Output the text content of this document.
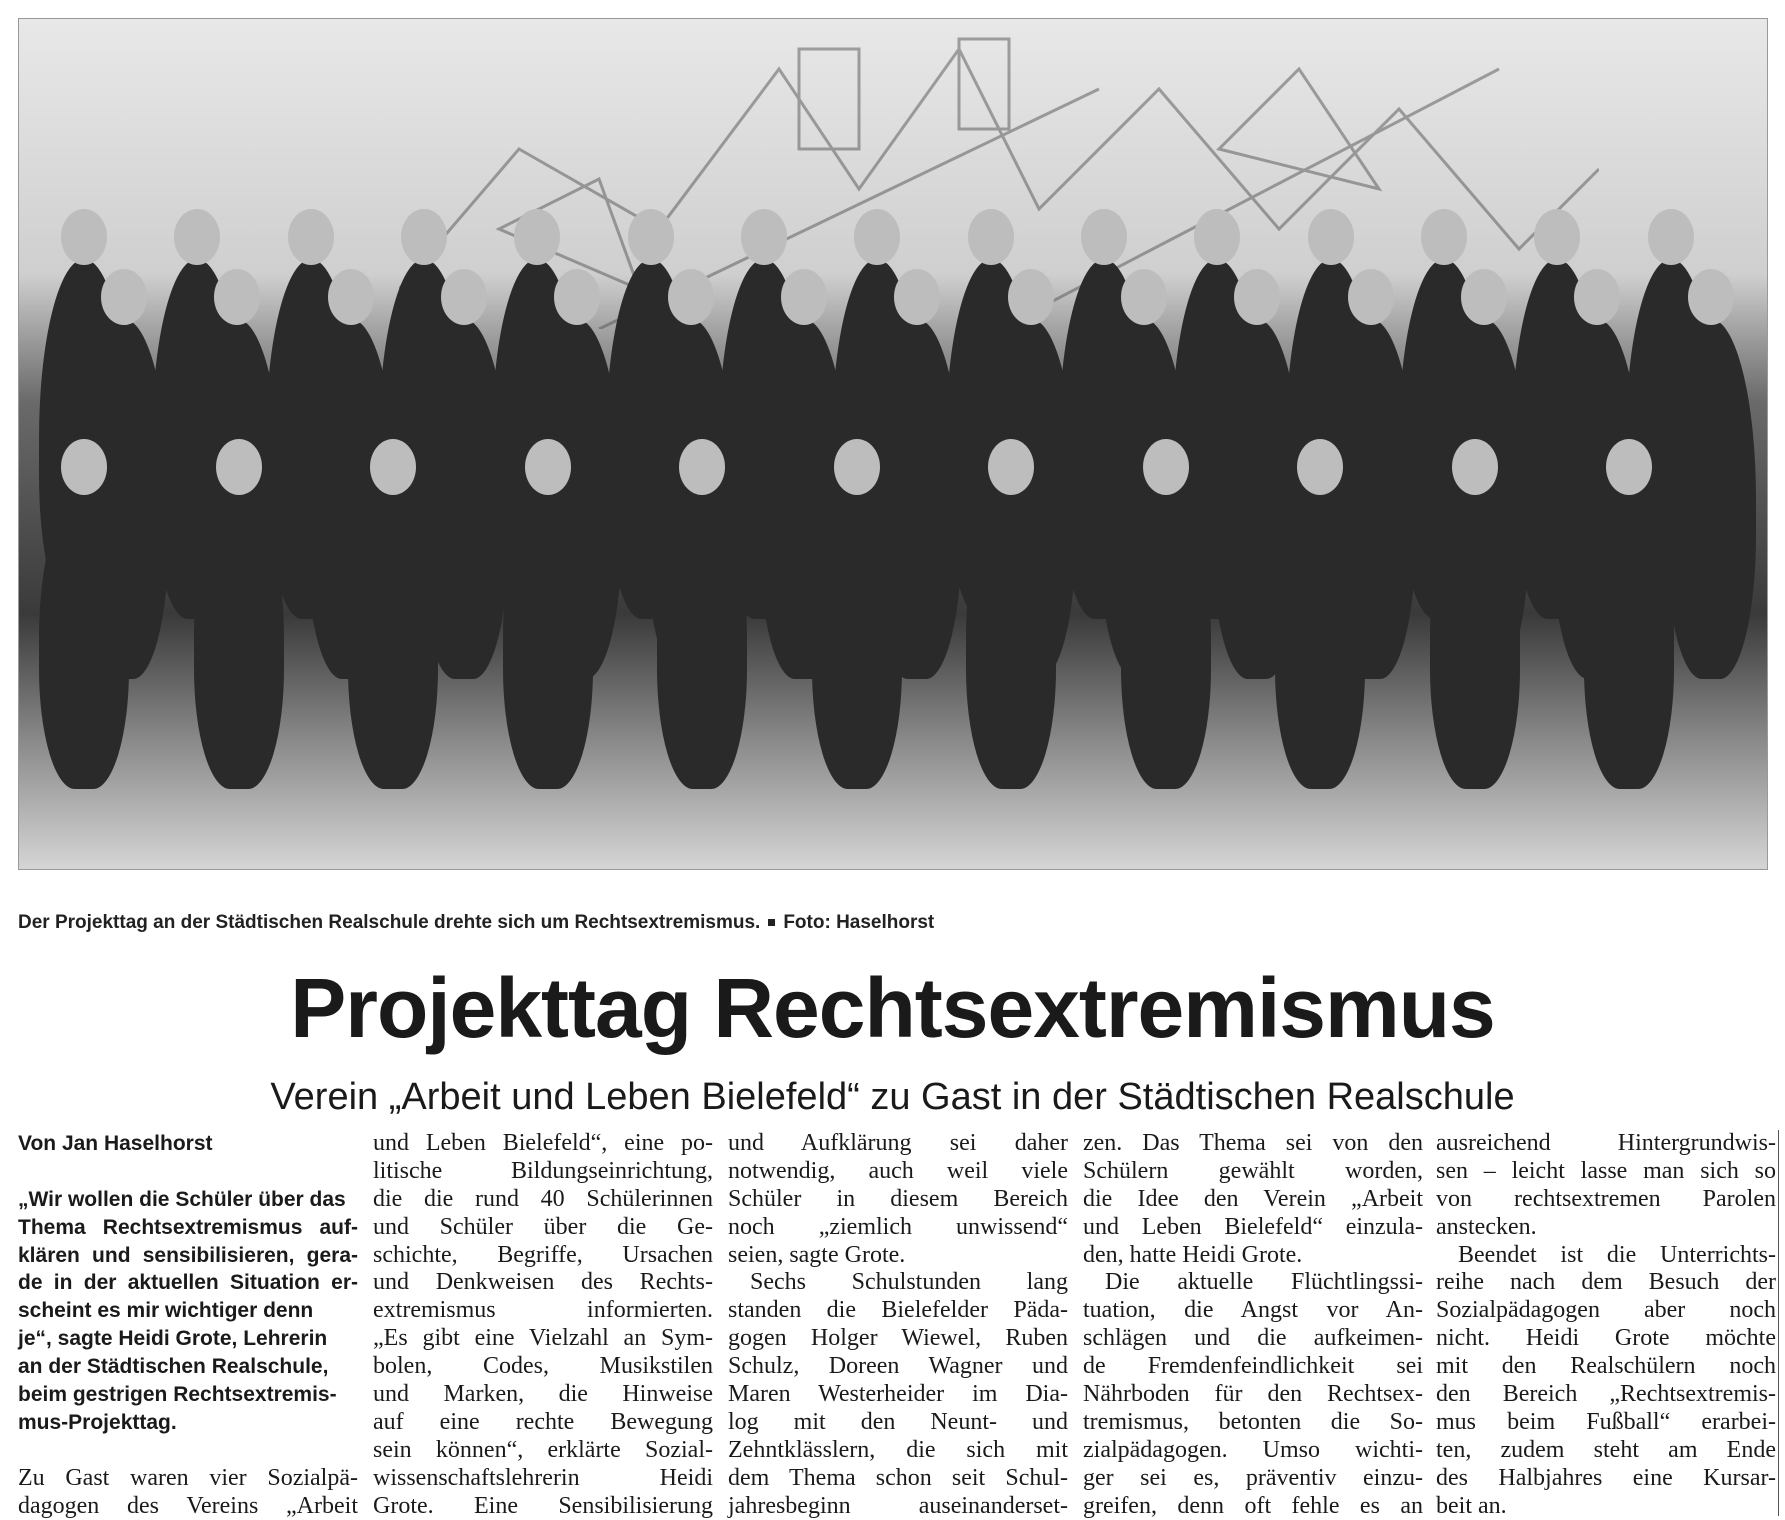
Der Projekttag an der Städtischen Realschule drehte sich um Rechtsextremismus. Foto: Haselhorst
Projekttag Rechtsextremismus
Verein „Arbeit und Leben Bielefeld“ zu Gast in der Städtischen Realschule
Von Jan Haselhorst
„Wir wollen die Schüler über das
Thema Rechtsextremismus auf-
klären und sensibilisieren, gera-
de in der aktuellen Situation er-
scheint es mir wichtiger denn
je“, sagte Heidi Grote, Lehrerin
an der Städtischen Realschule,
beim gestrigen Rechtsextremis-
mus-Projekttag.
Zu Gast waren vier Sozialpä-
dagogen des Vereins „Arbeit
und Leben Bielefeld“, eine po-
litische Bildungseinrichtung,
die die rund 40 Schülerinnen
und Schüler über die Ge-
schichte, Begriffe, Ursachen
und Denkweisen des Rechts-
extremismus informierten.
„Es gibt eine Vielzahl an Sym-
bolen, Codes, Musikstilen
und Marken, die Hinweise
auf eine rechte Bewegung
sein können“, erklärte Sozial-
wissenschaftslehrerin Heidi
Grote. Eine Sensibilisierung
und Aufklärung sei daher
notwendig, auch weil viele
Schüler in diesem Bereich
noch „ziemlich unwissend“
seien, sagte Grote.
Sechs Schulstunden lang
standen die Bielefelder Päda-
gogen Holger Wiewel, Ruben
Schulz, Doreen Wagner und
Maren Westerheider im Dia-
log mit den Neunt- und
Zehntklässlern, die sich mit
dem Thema schon seit Schul-
jahresbeginn auseinanderset-
zen. Das Thema sei von den
Schülern gewählt worden,
die Idee den Verein „Arbeit
und Leben Bielefeld“ einzula-
den, hatte Heidi Grote.
Die aktuelle Flüchtlingssi-
tuation, die Angst vor An-
schlägen und die aufkeimen-
de Fremdenfeindlichkeit sei
Nährboden für den Rechtsex-
tremismus, betonten die So-
zialpädagogen. Umso wichti-
ger sei es, präventiv einzu-
greifen, denn oft fehle es an
ausreichend Hintergrundwis-
sen – leicht lasse man sich so
von rechtsextremen Parolen
anstecken.
Beendet ist die Unterrichts-
reihe nach dem Besuch der
Sozialpädagogen aber noch
nicht. Heidi Grote möchte
mit den Realschülern noch
den Bereich „Rechtsextremis-
mus beim Fußball“ erarbei-
ten, zudem steht am Ende
des Halbjahres eine Kursar-
beit an.
